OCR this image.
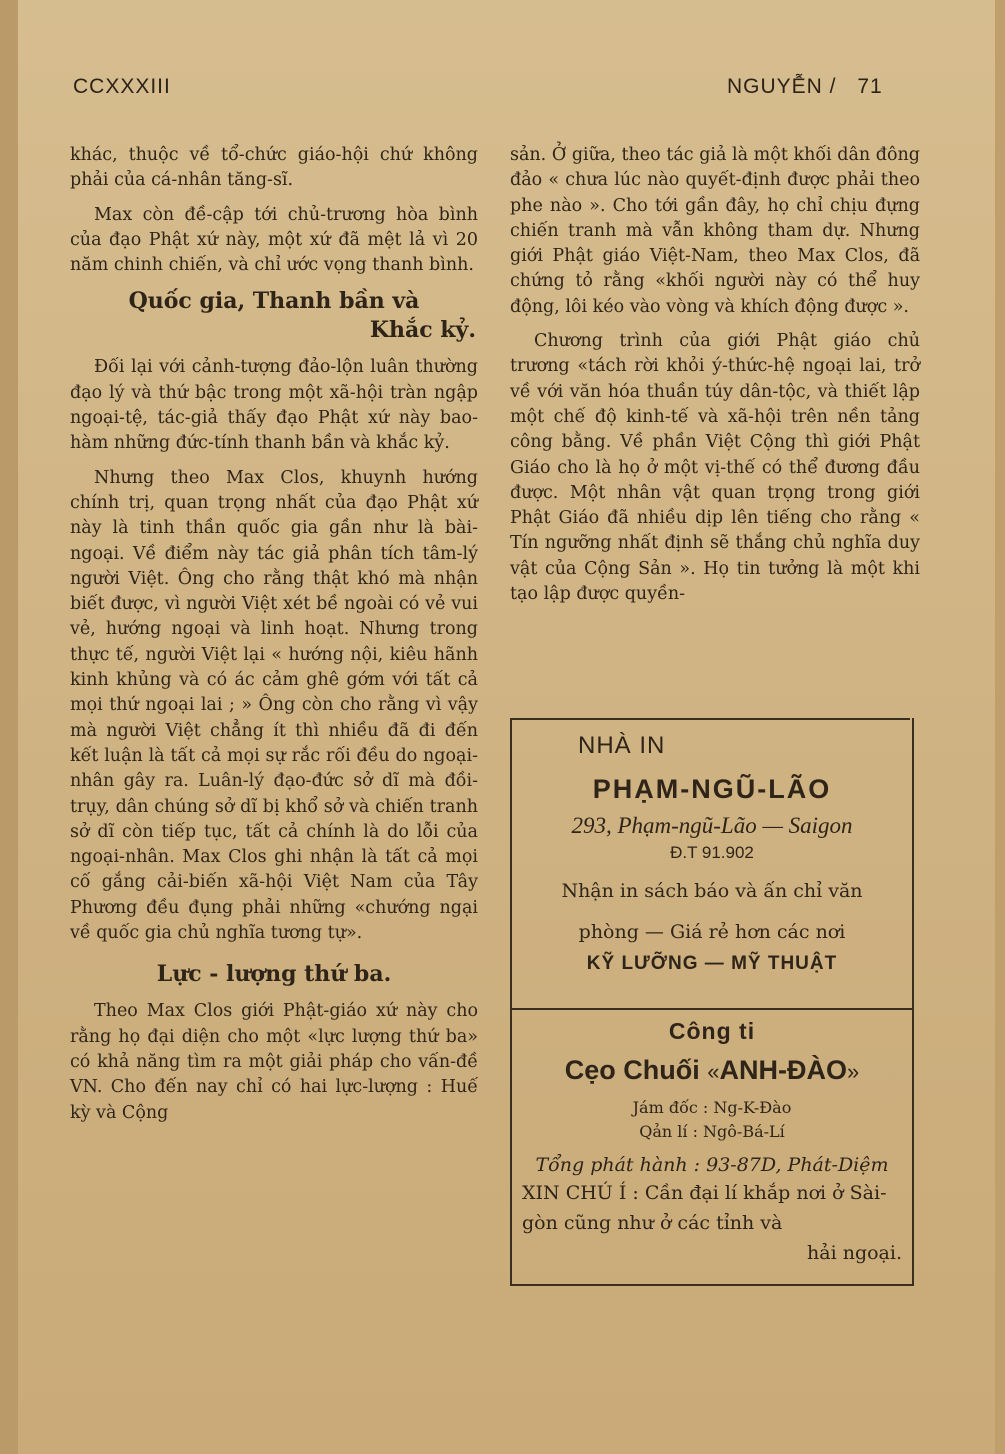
CCXXXIII	NGUYỄN / 71

khác, thuộc về tổ-chức giáo-hội chứ không phải của cá-nhân tăng-sĩ.

Max còn đề-cập tới chủ-trương hòa bình của đạo Phật xứ này, một xứ đã mệt lả vì 20 năm chinh chiến, và chỉ ước vọng thanh bình.

Quốc gia, Thanh bần và
Khắc kỷ.

Đối lại với cảnh-tượng đảo-lộn luân thường đạo lý và thứ bậc trong một xã-hội tràn ngập ngoại-tệ, tác-giả thấy đạo Phật xứ này bao-hàm những đức-tính thanh bần và khắc kỷ.

Nhưng theo Max Clos, khuynh hướng chính trị, quan trọng nhất của đạo Phật xứ này là tinh thần quốc gia gần như là bài-ngoại. Về điểm này tác giả phân tích tâm-lý người Việt. Ông cho rằng thật khó mà nhận biết được, vì người Việt xét bề ngoài có vẻ vui vẻ, hướng ngoại và linh hoạt. Nhưng trong thực tế, người Việt lại « hướng nội, kiêu hãnh kinh khủng và có ác cảm ghê gớm với tất cả mọi thứ ngoại lai ; » Ông còn cho rằng vì vậy mà người Việt chẳng ít thì nhiều đã đi đến kết luận là tất cả mọi sự rắc rối đều do ngoại-nhân gây ra. Luân-lý đạo-đức sở dĩ mà đồi-trụy, dân chúng sở dĩ bị khổ sở và chiến tranh sở dĩ còn tiếp tục, tất cả chính là do lỗi của ngoại-nhân. Max Clos ghi nhận là tất cả mọi cố gắng cải-biến xã-hội Việt Nam của Tây Phương đều đụng phải những «chướng ngại về quốc gia chủ nghĩa tương tự».

Lực - lượng thứ ba.

Theo Max Clos giới Phật-giáo xứ này cho rằng họ đại diện cho một «lực lượng thứ ba» có khả năng tìm ra một giải pháp cho vấn-đề VN. Cho đến nay chỉ có hai lực-lượng : Huế kỳ và Cộng

sản. Ở giữa, theo tác giả là một khối dân đông đảo « chưa lúc nào quyết-định được phải theo phe nào ». Cho tới gần đây, họ chỉ chịu đựng chiến tranh mà vẫn không tham dự. Nhưng giới Phật giáo Việt-Nam, theo Max Clos, đã chứng tỏ rằng «khối người này có thể huy động, lôi kéo vào vòng và khích động được ».

Chương trình của giới Phật giáo chủ trương «tách rời khỏi ý-thức-hệ ngoại lai, trở về với văn hóa thuần túy dân-tộc, và thiết lập một chế độ kinh-tế và xã-hội trên nền tảng công bằng. Về phần Việt Cộng thì giới Phật Giáo cho là họ ở một vị-thế có thể đương đầu được. Một nhân vật quan trọng trong giới Phật Giáo đã nhiều dịp lên tiếng cho rằng « Tín ngưỡng nhất định sẽ thắng chủ nghĩa duy vật của Cộng Sản ». Họ tin tưởng là một khi tạo lập được quyền-

NHÀ IN
PHẠM-NGŨ-LÃO
293, Phạm-ngũ-Lão — Saigon
Đ.T 91.902
Nhận in sách báo và ấn chỉ văn
phòng — Giá rẻ hơn các nơi
KỸ LƯỠNG — MỸ THUẬT
Công ti
Cẹo Chuối «ANH-ĐÀO»
Jám đốc : Ng-K-Đào
Qản lí : Ngô-Bá-Lí
Tổng phát hành : 93-87D, Phát-Diệm
XIN CHÚ Í : Cần đại lí khắp nơi ở Sài-gòn cũng như ở các tỉnh và
hải ngoại.
